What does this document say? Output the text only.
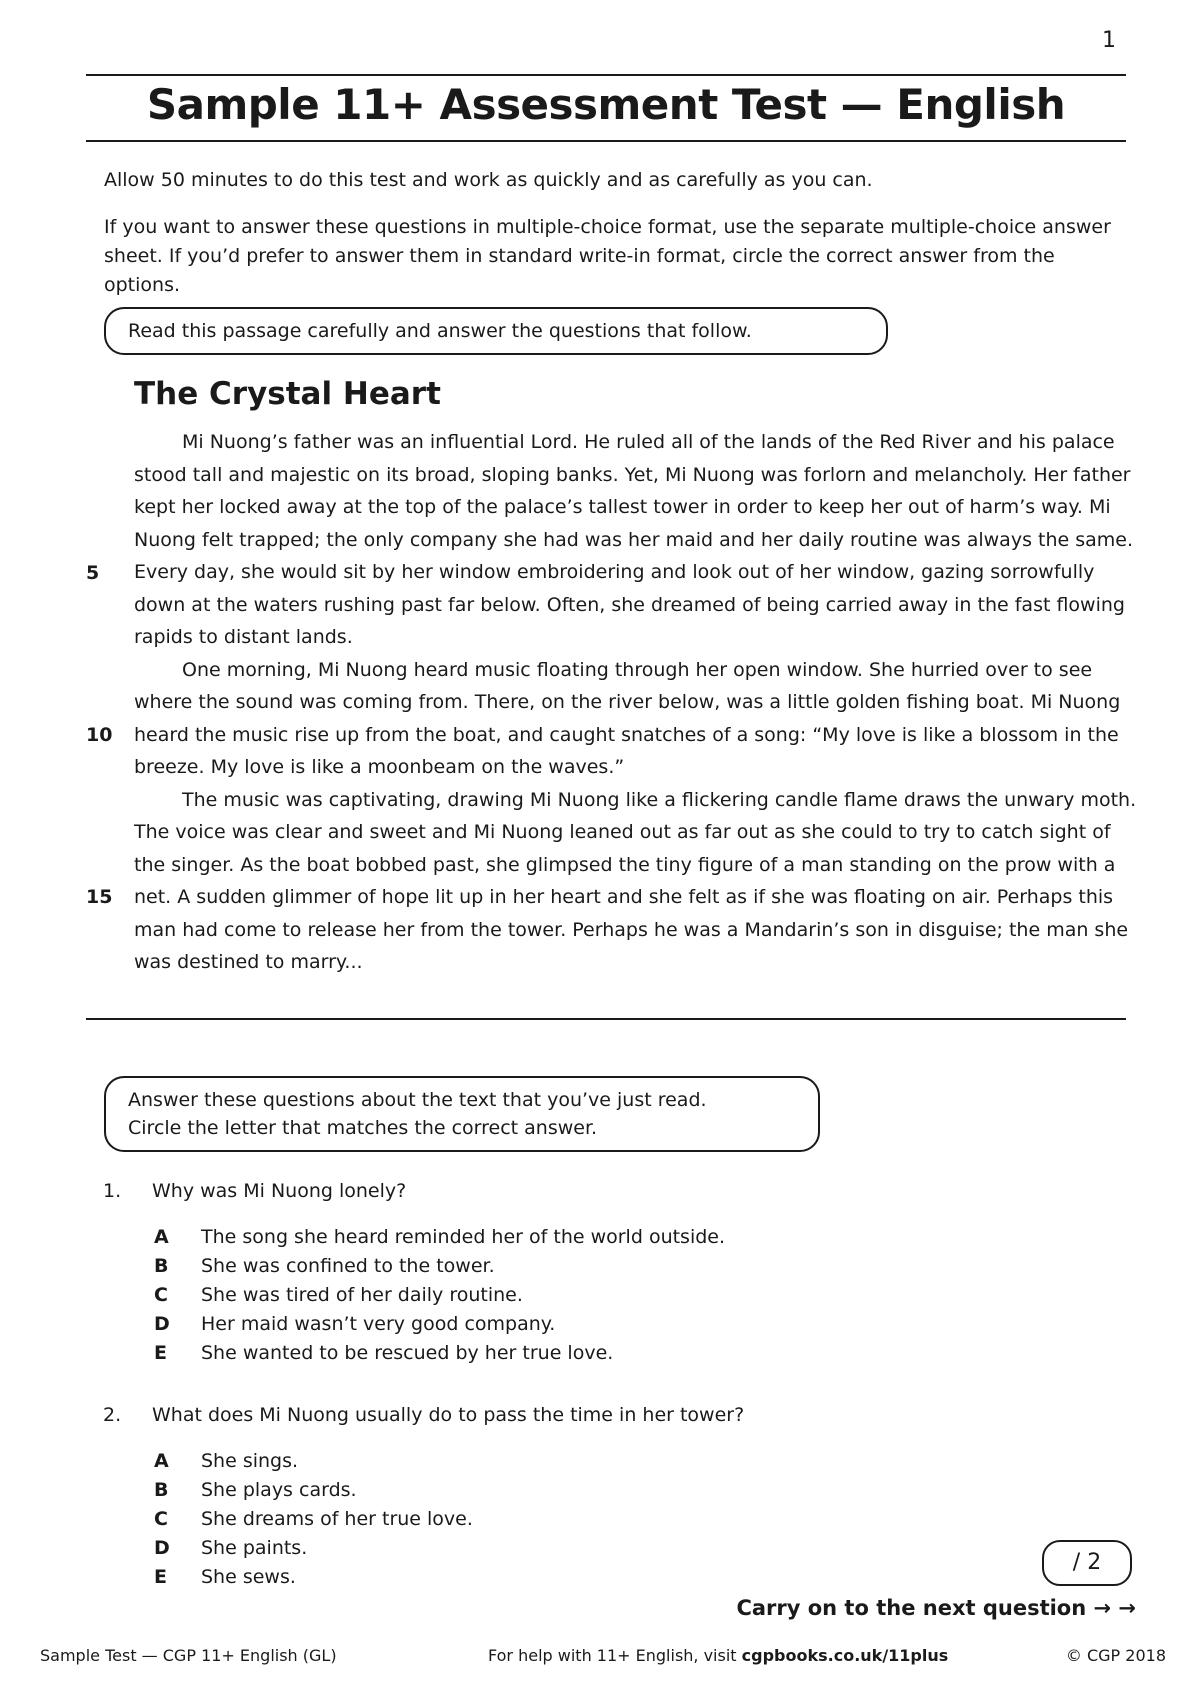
1
Sample 11+ Assessment Test — English
Allow 50 minutes to do this test and work as quickly and as carefully as you can.
If you want to answer these questions in multiple-choice format, use the separate multiple-choice answer sheet. If you’d prefer to answer them in standard write-in format, circle the correct answer from the options.
Read this passage carefully and answer the questions that follow.
The Crystal Heart

Mi Nuong’s father was an influential Lord. He ruled all of the lands of the Red River and his palace stood tall and majestic on its broad, sloping banks. Yet, Mi Nuong was forlorn and melancholy. Her father kept her locked away at the top of the palace’s tallest tower in order to keep her out of harm’s way. Mi Nuong felt trapped; the only company she had was her maid and her daily routine was always the same. Every day, she would sit by her window embroidering and look out of her window, gazing sorrowfully down at the waters rushing past far below. Often, she dreamed of being carried away in the fast flowing rapids to distant lands.

One morning, Mi Nuong heard music floating through her open window. She hurried over to see where the sound was coming from. There, on the river below, was a little golden fishing boat. Mi Nuong heard the music rise up from the boat, and caught snatches of a song: “My love is like a blossom in the breeze. My love is like a moonbeam on the waves.”

The music was captivating, drawing Mi Nuong like a flickering candle flame draws the unwary moth. The voice was clear and sweet and Mi Nuong leaned out as far out as she could to try to catch sight of the singer. As the boat bobbed past, she glimpsed the tiny figure of a man standing on the prow with a net. A sudden glimmer of hope lit up in her heart and she felt as if she was floating on air. Perhaps this man had come to release her from the tower. Perhaps he was a Mandarin’s son in disguise; the man she was destined to marry...

5
10
15
Answer these questions about the text that you’ve just read.
Circle the letter that matches the correct answer.
1. Why was Mi Nuong lonely?
A The song she heard reminded her of the world outside.
B She was confined to the tower.
C She was tired of her daily routine.
D Her maid wasn’t very good company.
E She wanted to be rescued by her true love.
2. What does Mi Nuong usually do to pass the time in her tower?
A She sings.
B She plays cards.
C She dreams of her true love.
D She paints.
E She sews.
/ 2
Carry on to the next question → →
Sample Test — CGP 11+ English (GL)	For help with 11+ English, visit cgpbooks.co.uk/11plus	© CGP 2018
